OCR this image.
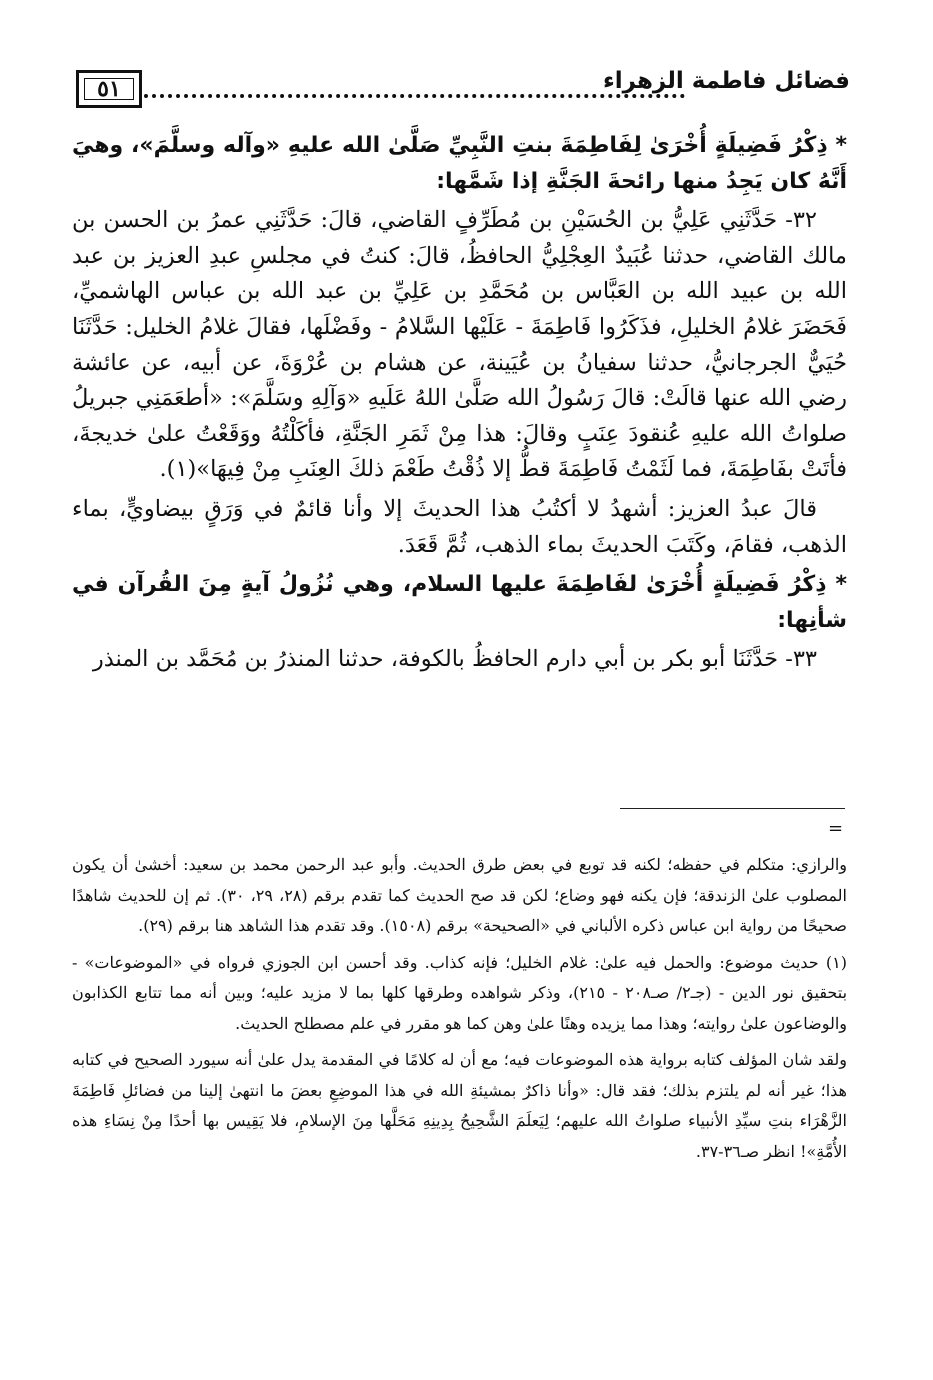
٥١	فضائل فاطمة الزهراء

* ذِكْرُ فَضِيلَةٍ أُخْرَىٰ لِفَاطِمَةَ بنتِ النَّبِيِّ صَلَّىٰ الله عليهِ «وآله وسلَّمَ»، وهيَ أَنَّهُ كان يَجِدُ منها رائحةَ الجَنَّةِ إذا شَمَّها:

٣٢- حَدَّثَنِي عَلِيُّ بن الحُسَيْنِ بن مُطَرِّفٍ القاضي، قالَ: حَدَّثَنِي عمرُ بن الحسن بن مالك القاضي، حدثنا عُبَيدٌ العِجْلِيُّ الحافظُ، قالَ: كنتُ في مجلسِ عبدِ العزيز بن عبد الله بن عبيد الله بن العَبَّاس بن مُحَمَّدِ بن عَلِيِّ بن عبد الله بن عباس الهاشميِّ، فَحَضَرَ غلامُ الخليلِ، فذَكَرُوا فَاطِمَةَ - عَلَيْها السَّلامُ - وفَضْلَها، فقالَ غلامُ الخليل: حَدَّثَنَا حُيَيٌّ الجرجانيُّ، حدثنا سفيانُ بن عُيَينة، عن هشام بن عُرْوَةَ، عن أبيه، عن عائشة رضي الله عنها قالَتْ: قالَ رَسُولُ الله صَلَّىٰ اللهُ عَلَيهِ «وَآلِهِ وسَلَّمَ»: «أطعَمَنِي جبريلُ صلواتُ الله عليهِ عُنقودَ عِنَبٍ وقالَ: هذا مِنْ ثَمَرِ الجَنَّةِ، فأكَلْتُهُ ووَقَعْتُ علىٰ خديجةَ، فأتَتْ بفَاطِمَةَ، فما لَثَمْتُ فَاطِمَةَ قطُّ إلا ذُقْتُ طَعْمَ ذلكَ العِنَبِ مِنْ فِيهَا»(١).

قالَ عبدُ العزيز: أشهدُ لا أكتُبُ هذا الحديثَ إلا وأنا قائمٌ في وَرَقٍ بيضاويٍّ، بماء الذهب، فقامَ، وكَتَبَ الحديثَ بماء الذهب، ثُمَّ قَعَدَ.

* ذِكْرُ فَضِيلَةٍ أُخْرَىٰ لفَاطِمَةَ عليها السلام، وهي نُزُولُ آيةٍ مِنَ القُرآن في شأنِها:

٣٣- حَدَّثَنَا أبو بكر بن أبي دارم الحافظُ بالكوفة، حدثنا المنذرُ بن مُحَمَّد بن المنذر

=

والرازي: متكلم في حفظه؛ لكنه قد توبع في بعض طرق الحديث. وأبو عبد الرحمن محمد بن سعيد: أخشىٰ أن يكون المصلوب علىٰ الزندقة؛ فإن يكنه فهو وضاع؛ لكن قد صح الحديث كما تقدم برقم (٢٨، ٢٩، ٣٠). ثم إن للحديث شاهدًا صحيحًا من رواية ابن عباس ذكره الألباني في «الصحيحة» برقم (١٥٠٨). وقد تقدم هذا الشاهد هنا برقم (٢٩).

(١) حديث موضوع: والحمل فيه علىٰ: غلام الخليل؛ فإنه كذاب. وقد أحسن ابن الجوزي فرواه في «الموضوعات» - بتحقيق نور الدين - (جـ٢/ صـ٢٠٨ - ٢١٥)، وذكر شواهده وطرقها كلها بما لا مزيد عليه؛ وبين أنه مما تتابع الكذابون والوضاعون علىٰ روايته؛ وهذا مما يزيده وهنًا علىٰ وهن كما هو مقرر في علم مصطلح الحديث.

ولقد شان المؤلف كتابه برواية هذه الموضوعات فيه؛ مع أن له كلامًا في المقدمة يدل علىٰ أنه سيورد الصحيح في كتابه هذا؛ غير أنه لم يلتزم بذلك؛ فقد قال: «وأنا ذاكرٌ بمشيئةِ الله في هذا الموضِعِ بعضَ ما انتهىٰ إلينا من فضائلِ فَاطِمَةَ الزَّهْرَاء بنتِ سيِّدِ الأنبياء صلواتُ الله عليهم؛ لِيَعلَمَ الشَّحِيحُ بِدِينِهِ مَحَلَّها مِنَ الإسلامِ، فلا يَقِيس بها أحدًا مِنْ نِسَاءِ هذه الأُمَّةِ»! انظر صـ٣٦-٣٧.
